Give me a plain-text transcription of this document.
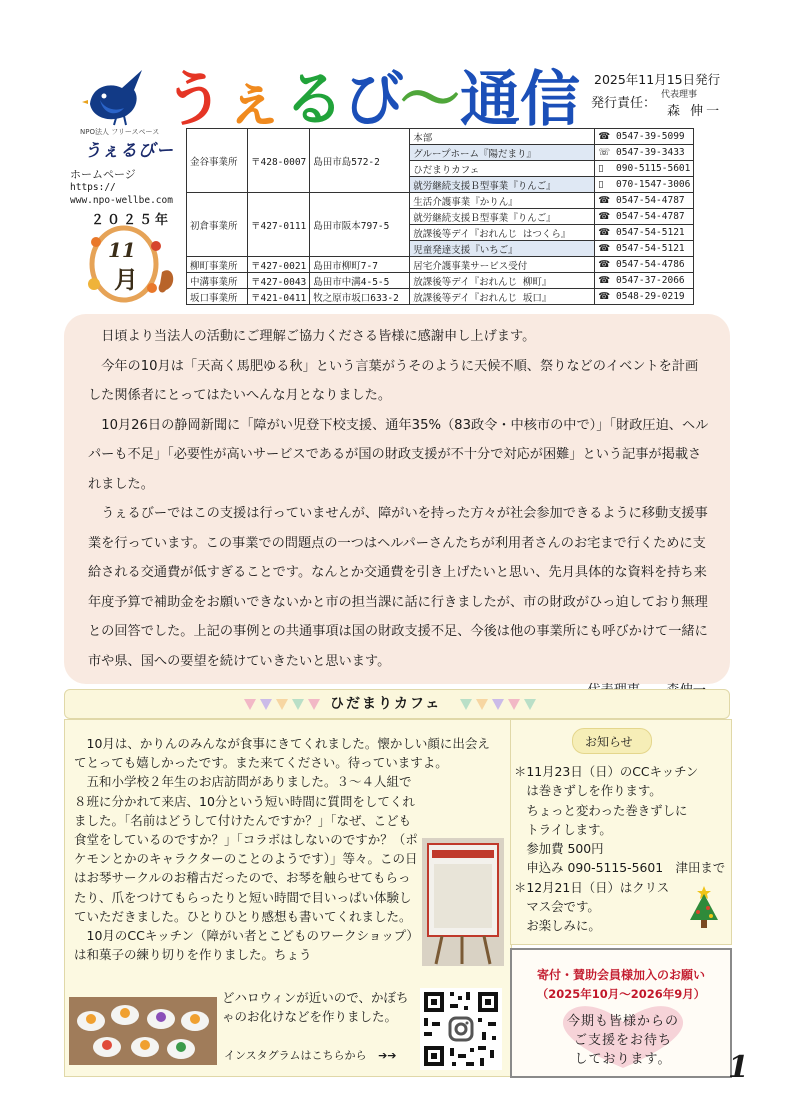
NPO法人 フリースペース
うぇるびー
うぇるび～通信 2025年11月15日発行
発行責任：
代表理事
森 伸一
ホームページ
https://
www.npo-wellbe.com
２０２５年
11
月
金谷事業所	〒428-0007	島田市島572-2	本部	☎ 0547-39-5099
			グループホーム『陽だまり』	☏ 0547-39-3433
			ひだまりカフェ	▯ 090-5115-5601
			就労継続支援Ｂ型事業『りんご』	▯ 070-1547-3006
初倉事業所	〒427-0111	島田市阪本797-5	生活介護事業『かりん』	☎ 0547-54-4787
			就労継続支援Ｂ型事業『りんご』	☎ 0547-54-4787
			放課後等デイ『おれんじ はつくら』	☎ 0547-54-5121
			児童発達支援『いちご』	☎ 0547-54-5121
柳町事業所	〒427-0021	島田市柳町7-7	居宅介護事業サービス受付	☎ 0547-54-4786
中溝事業所	〒427-0043	島田市中溝4-5-5	放課後等デイ『おれんじ 柳町』	☎ 0547-37-2066
坂口事業所	〒421-0411	牧之原市坂口633-2	放課後等デイ『おれんじ 坂口』	☎ 0548-29-0219

日頃より当法人の活動にご理解ご協力くださる皆様に感謝申し上げます。

今年の10月は「天高く馬肥ゆる秋」という言葉がうそのように天候不順、祭りなどのイベントを計画した関係者にとってはたいへんな月となりました。

10月26日の静岡新聞に「障がい児登下校支援、通年35%（83政令・中核市の中で）」「財政圧迫、ヘルパーも不足」「必要性が高いサービスであるが国の財政支援が不十分で対応が困難」という記事が掲載されました。

うぇるびーではこの支援は行っていませんが、障がいを持った方々が社会参加できるように移動支援事業を行っています。この事業での問題点の一つはヘルパーさんたちが利用者さんのお宅まで行くために支給される交通費が低すぎることです。なんとか交通費を引き上げたいと思い、先月具体的な資料を持ち来年度予算で補助金をお願いできないかと市の担当課に話に行きましたが、市の財政がひっ迫しており無理との回答でした。上記の事例との共通事項は国の財政支援不足、今後は他の事業所にも呼びかけて一緒に市や県、国への要望を続けていきたいと思います。

ひだまりカフェ

10月は、かりんのみんなが食事にきてくれました。懐かしい顔に出会えてとっても嬉しかったです。また来てください。待っていますよ。

五和小学校２年生のお店訪問がありました。３～４人組で８班に分かれて来店、10分という短い時間に質問をしてくれました。「名前はどうして付けたんですか？」「なぜ、こども食堂をしているのですか？」「コラボはしないのですか？（ポケモンとかのキャラクターのことのようです）」等々。この日はお琴サークルのお稽古だったので、お琴を触らせてもらったり、爪をつけてもらったりと短い時間で目いっぱい体験していただきました。ひとりひとり感想も書いてくれました。

10月のCCキッチン（障がい者とこどものワークショップ）は和菓子の練り切りを作りました。ちょう

どハロウィンが近いので、かぼちゃのお化けなどを作りました。
インスタグラムはこちらから ➔➔
お知らせ
＊11月23日（日）のCCキッチン
　は巻きずしを作ります。
　ちょっと変わった巻きずしに
　トライします。
　参加費 500円
　申込み 090-5115-5601　津田まで
＊12月21日（日）はクリス
　マス会です。
　お楽しみに。
寄付・賛助会員様加入のお願い
（2025年10月～2026年9月）
今期も皆様からの
ご支援をお待ち
しております。	1
